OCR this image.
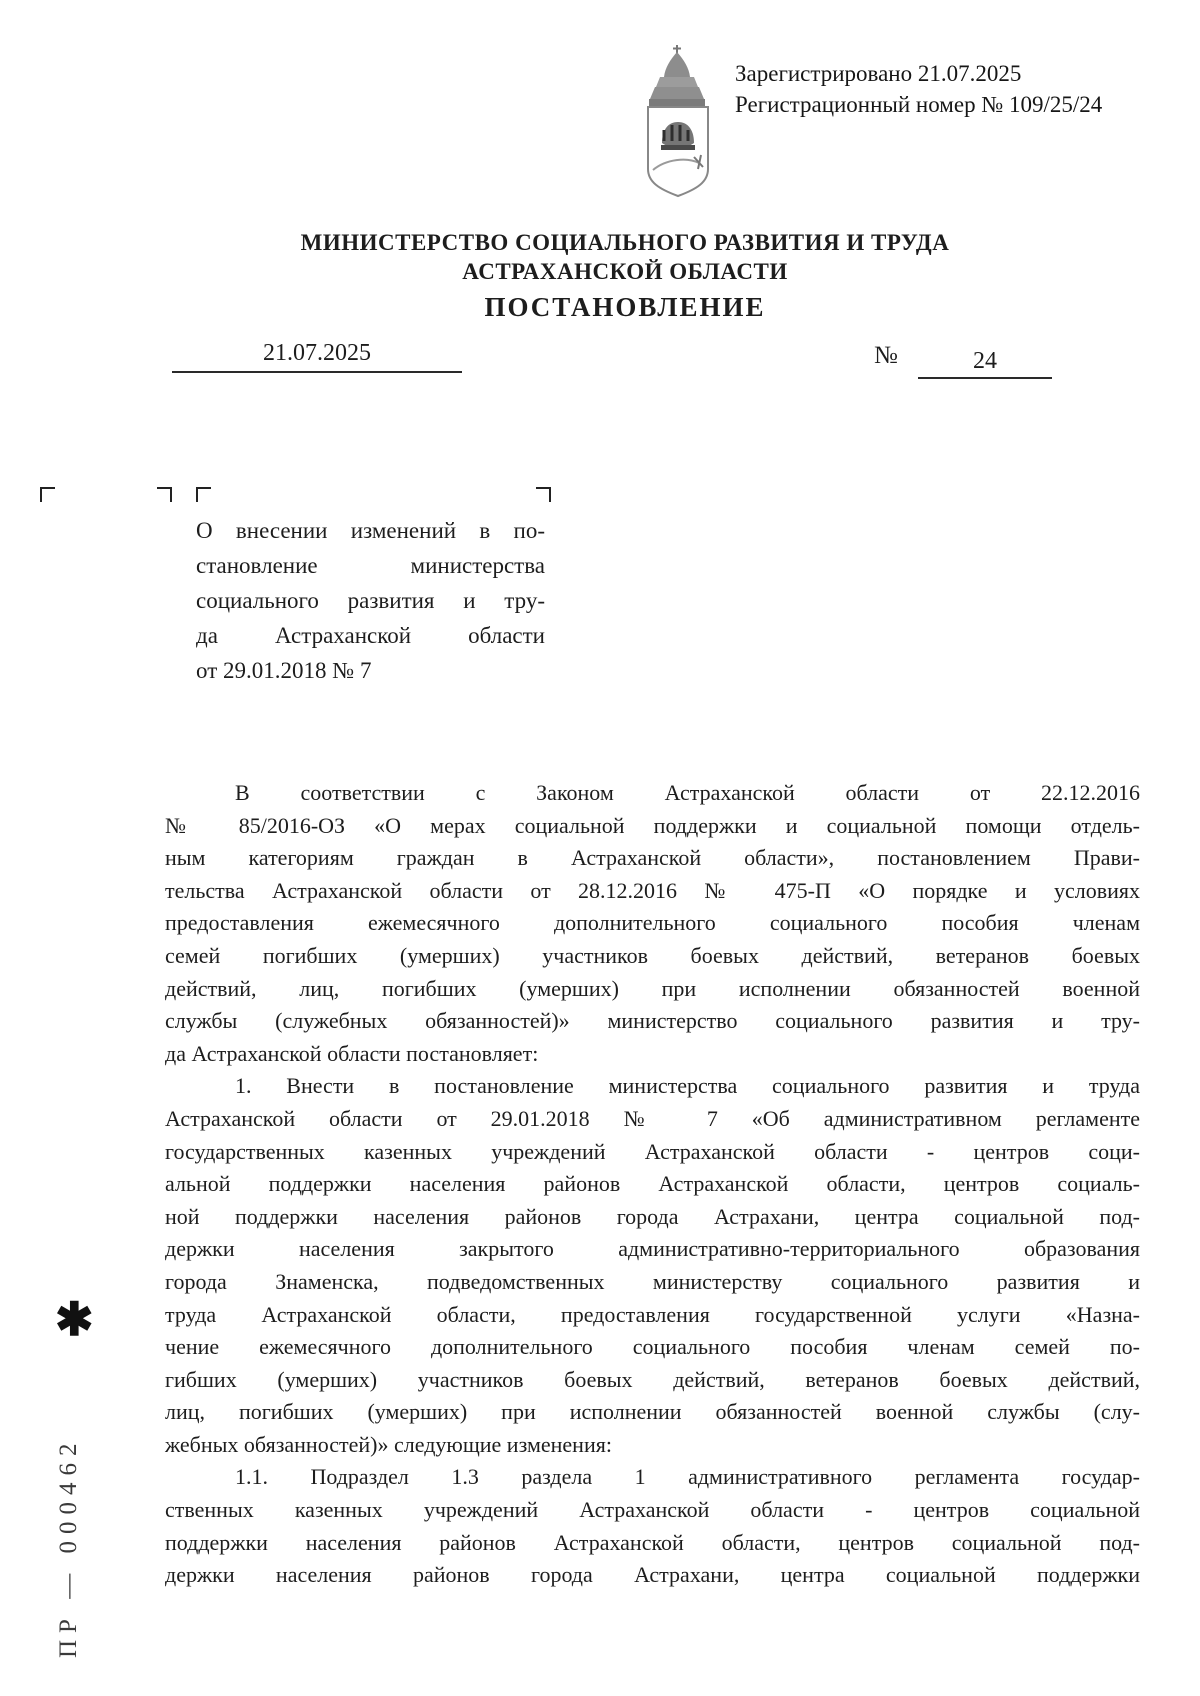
Зарегистрировано 21.07.2025
Регистрационный номер № 109/25/24
МИНИСТЕРСТВО СОЦИАЛЬНОГО РАЗВИТИЯ И ТРУДА
АСТРАХАНСКОЙ ОБЛАСТИ
ПОСТАНОВЛЕНИЕ
21.07.2025	№	24
О внесении изменений в по-
становление министерства
социального развития и тру-
да Астраханской области
от 29.01.2018 № 7
В соответствии с Законом Астраханской области от 22.12.2016
№ 85/2016-ОЗ «О мерах социальной поддержки и социальной помощи отдель-
ным категориям граждан в Астраханской области», постановлением Прави-
тельства Астраханской области от 28.12.2016 № 475-П «О порядке и условиях
предоставления ежемесячного дополнительного социального пособия членам
семей погибших (умерших) участников боевых действий, ветеранов боевых
действий, лиц, погибших (умерших) при исполнении обязанностей военной
службы (служебных обязанностей)» министерство социального развития и тру-
да Астраханской области постановляет:
1. Внести в постановление министерства социального развития и труда
Астраханской области от 29.01.2018 № 7 «Об административном регламенте
государственных казенных учреждений Астраханской области - центров соци-
альной поддержки населения районов Астраханской области, центров социаль-
ной поддержки населения районов города Астрахани, центра социальной под-
держки населения закрытого административно-территориального образования
города Знаменска, подведомственных министерству социального развития и
труда Астраханской области, предоставления государственной услуги «Назна-
чение ежемесячного дополнительного социального пособия членам семей по-
гибших (умерших) участников боевых действий, ветеранов боевых действий,
лиц, погибших (умерших) при исполнении обязанностей военной службы (слу-
жебных обязанностей)» следующие изменения:
1.1. Подраздел 1.3 раздела 1 административного регламента государ-
ственных казенных учреждений Астраханской области - центров социальной
поддержки населения районов Астраханской области, центров социальной под-
держки населения районов города Астрахани, центра социальной поддержки
✱
ПР — 000462
